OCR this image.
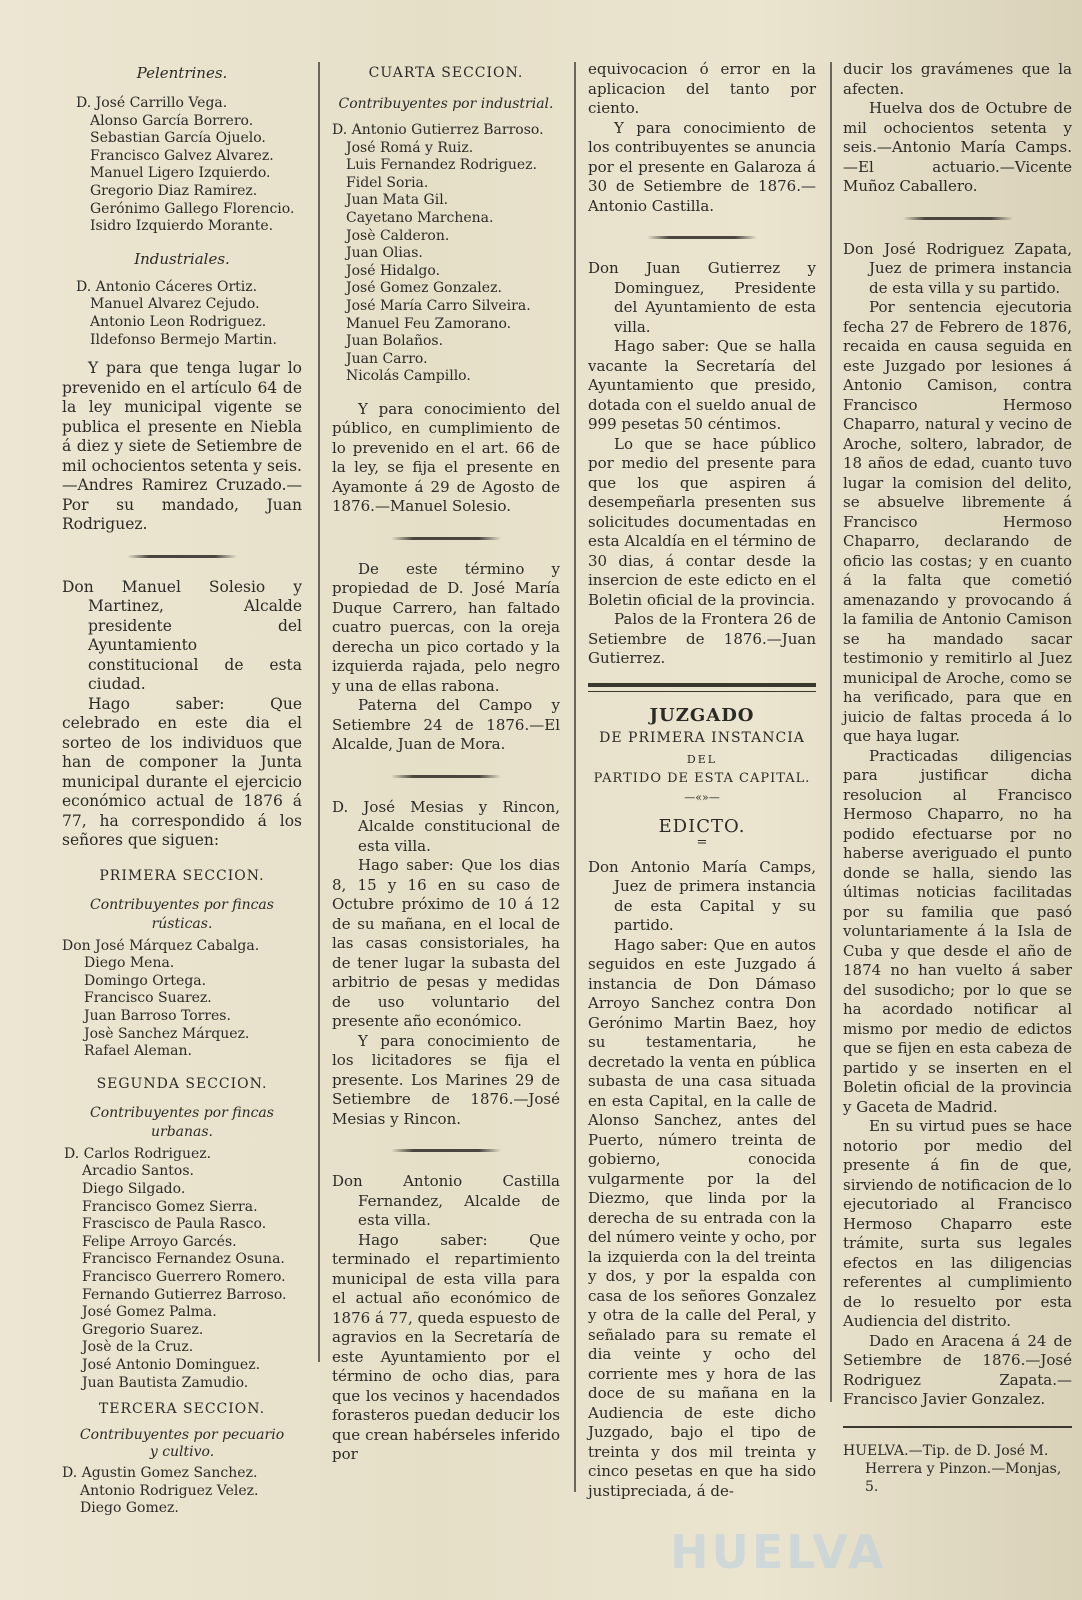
Pelentrines.

D. José Carrillo Vega.
Alonso García Borrero.
Sebastian García Ojuelo.
Francisco Galvez Alvarez.
Manuel Ligero Izquierdo.
Gregorio Diaz Ramirez.
Gerónimo Gallego Florencio.
Isidro Izquierdo Morante.

Industriales.

D. Antonio Cáceres Ortiz.
Manuel Alvarez Cejudo.
Antonio Leon Rodriguez.
Ildefonso Bermejo Martin.

Y para que tenga lugar lo prevenido en el artículo 64 de la ley municipal vigente se publica el presente en Niebla á diez y siete de Setiembre de mil ochocientos setenta y seis.—Andres Ramirez Cruzado.—Por su mandado, Juan Rodriguez.

Don Manuel Solesio y Martinez, Alcalde presidente del Ayuntamiento constitucional de esta ciudad.

Hago saber: Que celebrado en este dia el sorteo de los individuos que han de componer la Junta municipal durante el ejercicio económico actual de 1876 á 77, ha correspondido á los señores que siguen:

PRIMERA SECCION.

Contribuyentes por fincas rústicas.

Don José Márquez Cabalga.
Diego Mena.
Domingo Ortega.
Francisco Suarez.
Juan Barroso Torres.
Josè Sanchez Márquez.
Rafael Aleman.

SEGUNDA SECCION.

Contribuyentes por fincas urbanas.

D. Carlos Rodriguez.
Arcadio Santos.
Diego Silgado.
Francisco Gomez Sierra.
Frascisco de Paula Rasco.
Felipe Arroyo Garcés.
Francisco Fernandez Osuna.
Francisco Guerrero Romero.
Fernando Gutierrez Barroso.
José Gomez Palma.
Gregorio Suarez.
Josè de la Cruz.
José Antonio Dominguez.
Juan Bautista Zamudio.

TERCERA SECCION.

Contribuyentes por pecuario y cultivo.

D. Agustin Gomez Sanchez.
Antonio Rodriguez Velez.
Diego Gomez.

CUARTA SECCION.

Contribuyentes por industrial.

D. Antonio Gutierrez Barroso.
José Romá y Ruiz.
Luis Fernandez Rodriguez.
Fidel Soria.
Juan Mata Gil.
Cayetano Marchena.
Josè Calderon.
Juan Olias.
José Hidalgo.
José Gomez Gonzalez.
José María Carro Silveira.
Manuel Feu Zamorano.
Juan Bolaños.
Juan Carro.
Nicolás Campillo.

Y para conocimiento del público, en cumplimiento de lo prevenido en el art. 66 de la ley, se fija el presente en Ayamonte á 29 de Agosto de 1876.—Manuel Solesio.

De este término y propiedad de D. José María Duque Carrero, han faltado cuatro puercas, con la oreja derecha un pico cortado y la izquierda rajada, pelo negro y una de ellas rabona.

Paterna del Campo y Setiembre 24 de 1876.—El Alcalde, Juan de Mora.

D. José Mesias y Rincon, Alcalde constitucional de esta villa.

Hago saber: Que los dias 8, 15 y 16 en su caso de Octubre próximo de 10 á 12 de su mañana, en el local de las casas consistoriales, ha de tener lugar la subasta del arbitrio de pesas y medidas de uso voluntario del presente año económico.

Y para conocimiento de los licitadores se fija el presente. Los Marines 29 de Setiembre de 1876.—José Mesias y Rincon.

Don Antonio Castilla Fernandez, Alcalde de esta villa.

Hago saber: Que terminado el repartimiento municipal de esta villa para el actual año económico de 1876 á 77, queda espuesto de agravios en la Secretaría de este Ayuntamiento por el término de ocho dias, para que los vecinos y hacendados forasteros puedan deducir los que crean habérseles inferido por

equivocacion ó error en la aplicacion del tanto por ciento.

Y para conocimiento de los contribuyentes se anuncia por el presente en Galaroza á 30 de Setiembre de 1876.—Antonio Castilla.

Don Juan Gutierrez y Dominguez, Presidente del Ayuntamiento de esta villa.

Hago saber: Que se halla vacante la Secretaría del Ayuntamiento que presido, dotada con el sueldo anual de 999 pesetas 50 céntimos.

Lo que se hace público por medio del presente para que los que aspiren á desempeñarla presenten sus solicitudes documentadas en esta Alcaldía en el término de 30 dias, á contar desde la insercion de este edicto en el Boletin oficial de la provincia.

Palos de la Frontera 26 de Setiembre de 1876.—Juan Gutierrez.

JUZGADO

DE PRIMERA INSTANCIA

DEL

PARTIDO DE ESTA CAPITAL.

—«»—

EDICTO.

=

Don Antonio María Camps, Juez de primera instancia de esta Capital y su partido.

Hago saber: Que en autos seguidos en este Juzgado á instancia de Don Dámaso Arroyo Sanchez contra Don Gerónimo Martin Baez, hoy su testamentaria, he decretado la venta en pública subasta de una casa situada en esta Capital, en la calle de Alonso Sanchez, antes del Puerto, número treinta de gobierno, conocida vulgarmente por la del Diezmo, que linda por la derecha de su entrada con la del número veinte y ocho, por la izquierda con la del treinta y dos, y por la espalda con casa de los señores Gonzalez y otra de la calle del Peral, y señalado para su remate el dia veinte y ocho del corriente mes y hora de las doce de su mañana en la Audiencia de este dicho Juzgado, bajo el tipo de treinta y dos mil treinta y cinco pesetas en que ha sido justipreciada, á de-

ducir los gravámenes que la afecten.

Huelva dos de Octubre de mil ochocientos setenta y seis.—Antonio María Camps.—El actuario.—Vicente Muñoz Caballero.

Don José Rodriguez Zapata, Juez de primera instancia de esta villa y su partido.

Por sentencia ejecutoria fecha 27 de Febrero de 1876, recaida en causa seguida en este Juzgado por lesiones á Antonio Camison, contra Francisco Hermoso Chaparro, natural y vecino de Aroche, soltero, labrador, de 18 años de edad, cuanto tuvo lugar la comision del delito, se absuelve libremente á Francisco Hermoso Chaparro, declarando de oficio las costas; y en cuanto á la falta que cometió amenazando y provocando á la familia de Antonio Camison se ha mandado sacar testimonio y remitirlo al Juez municipal de Aroche, como se ha verificado, para que en juicio de faltas proceda á lo que haya lugar.

Practicadas diligencias para justificar dicha resolucion al Francisco Hermoso Chaparro, no ha podido efectuarse por no haberse averiguado el punto donde se halla, siendo las últimas noticias facilitadas por su familia que pasó voluntariamente á la Isla de Cuba y que desde el año de 1874 no han vuelto á saber del susodicho; por lo que se ha acordado notificar al mismo por medio de edictos que se fijen en esta cabeza de partido y se inserten en el Boletin oficial de la provincia y Gaceta de Madrid.

En su virtud pues se hace notorio por medio del presente á fin de que, sirviendo de notificacion de lo ejecutoriado al Francisco Hermoso Chaparro este trámite, surta sus legales efectos en las diligencias referentes al cumplimiento de lo resuelto por esta Audiencia del distrito.

Dado en Aracena á 24 de Setiembre de 1876.—José Rodriguez Zapata.—Francisco Javier Gonzalez.

HUELVA.—Tip. de D. José M. Herrera y Pinzon.—Monjas, 5.

HUELVA
